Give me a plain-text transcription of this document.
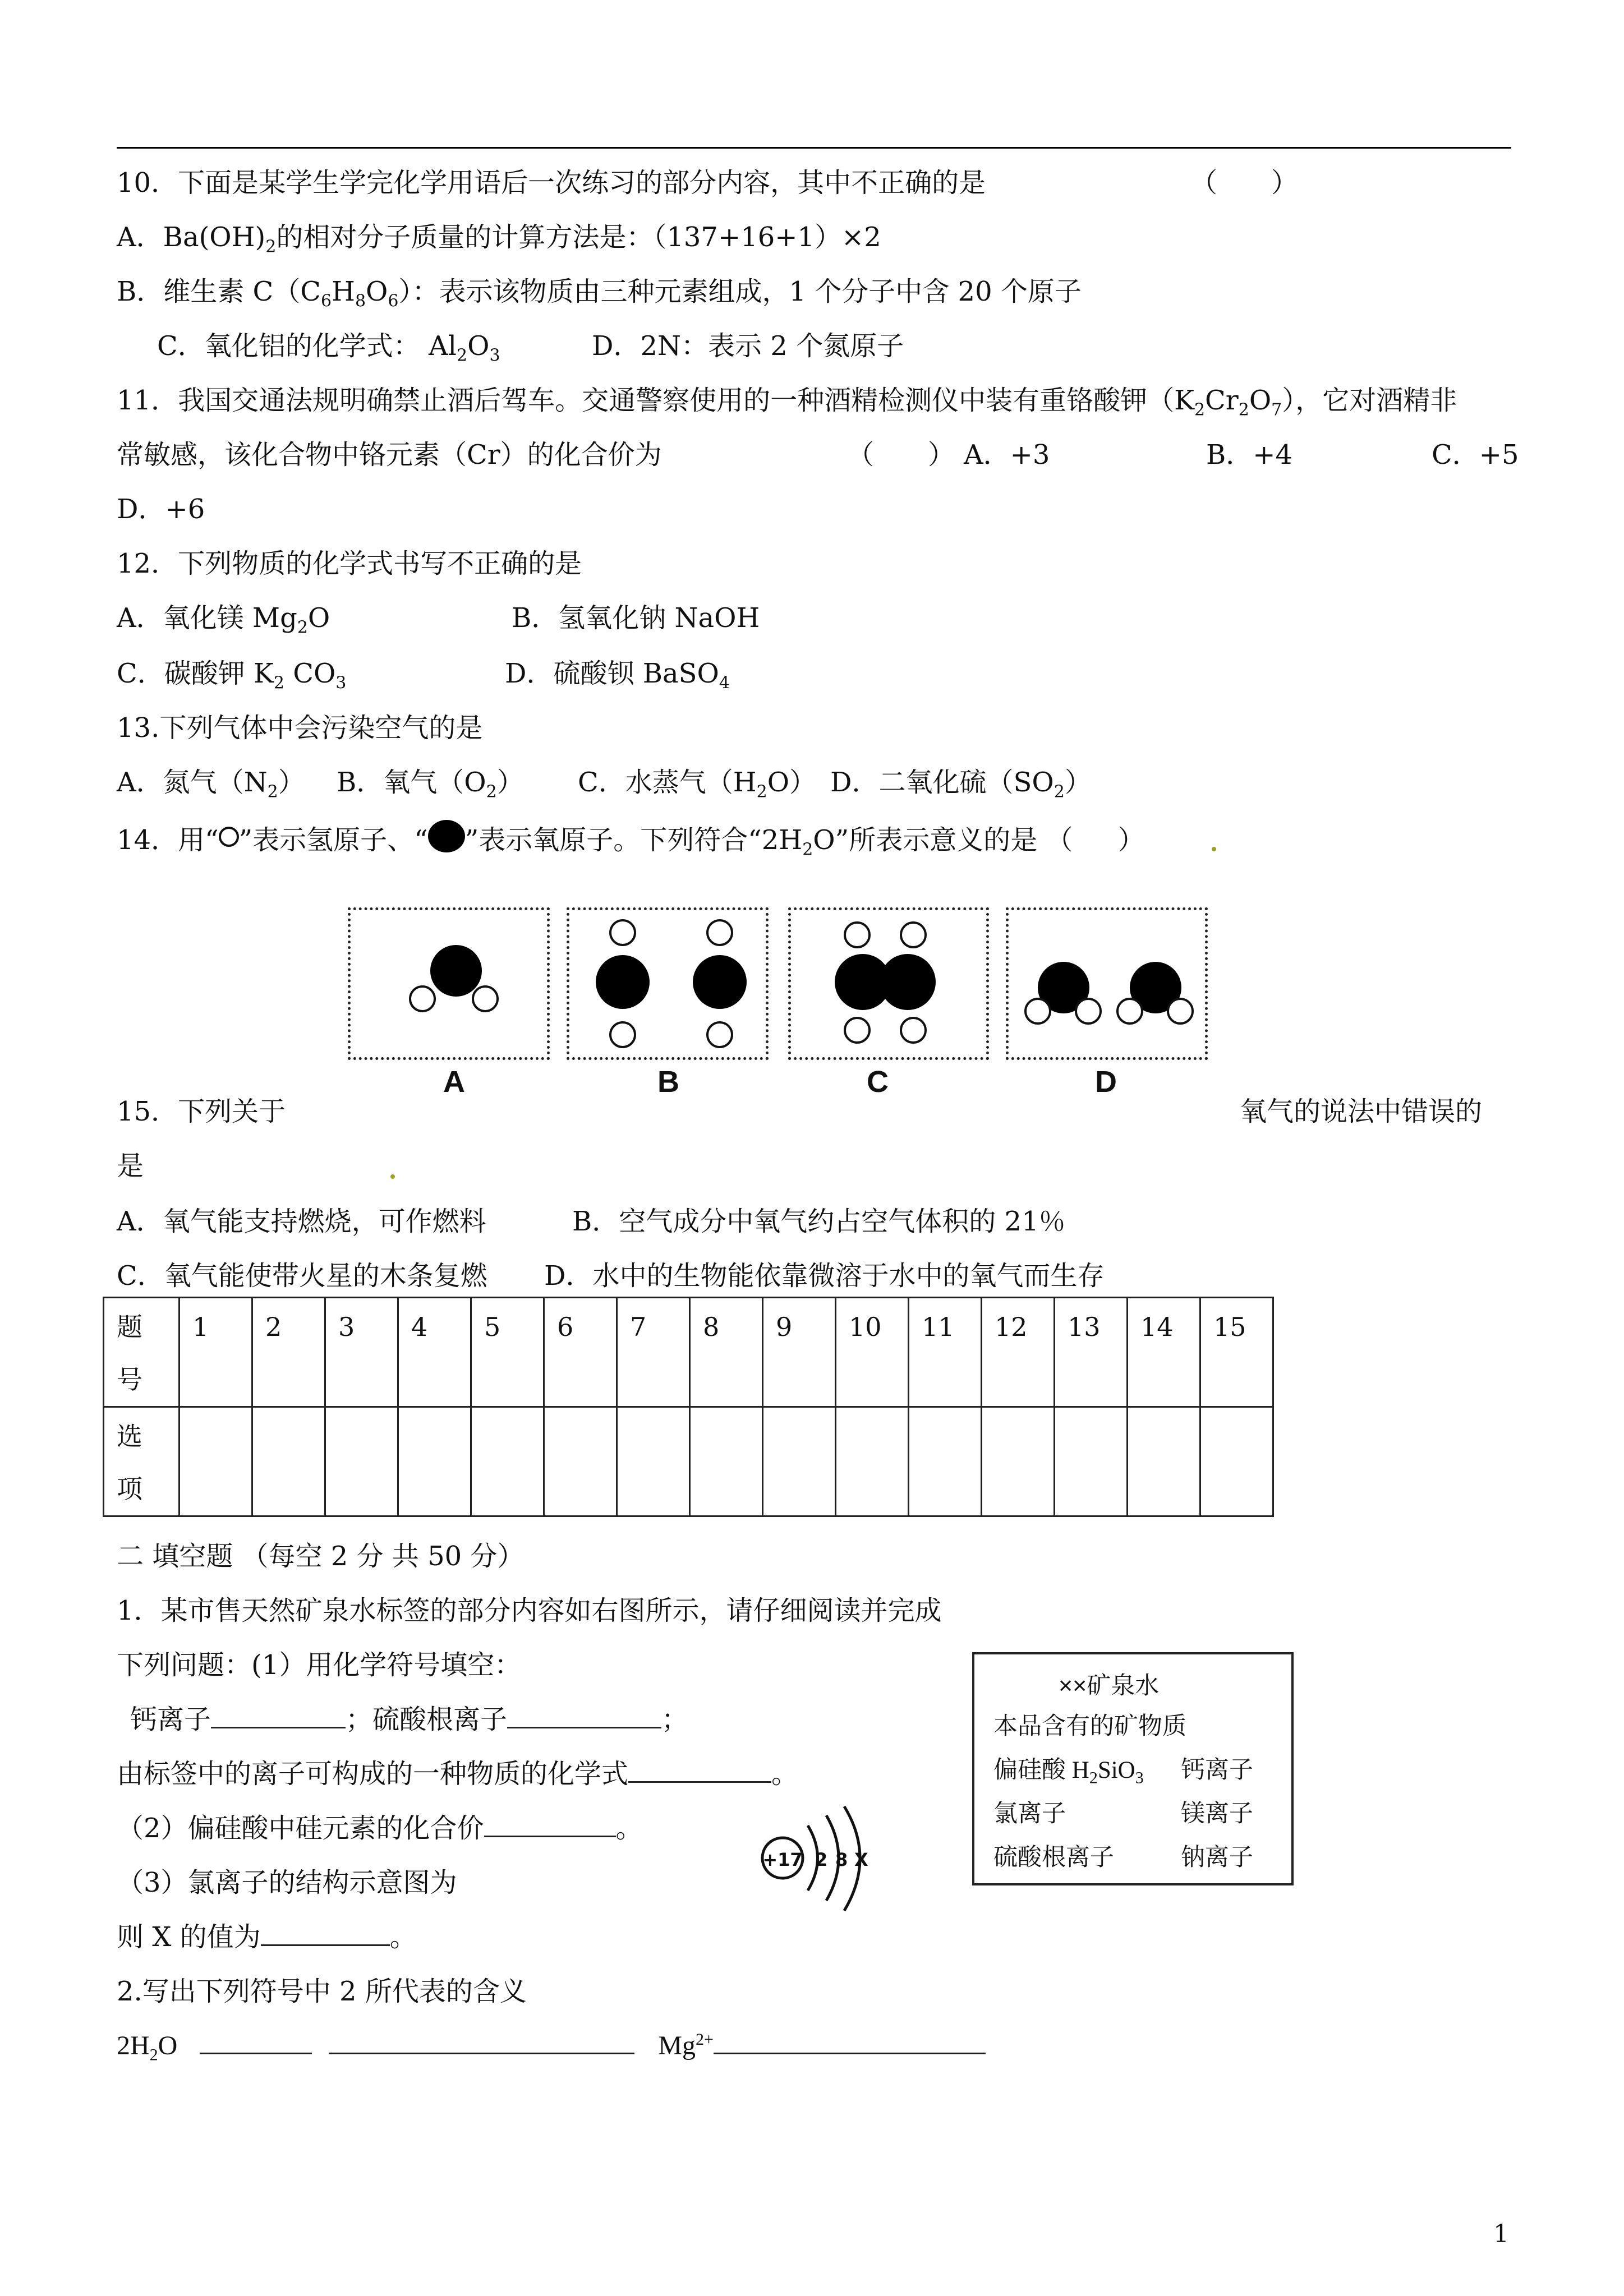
10．下面是某学生学完化学用语后一次练习的部分内容，其中不正确的是	（　　）
A．$Ba(OH)_2$的相对分子质量的计算方法是：（137+16+1）×2
B．维生素 $C(C_6H_8O_6)$：表示该物质由三种元素组成，1 个分子中含 20 个原子
C．氧化铝的化学式： $Al_2O_3$	D．2N：表示 2 个氮原子
11．我国交通法规明确禁止酒后驾车。交通警察使用的一种酒精检测仪中装有重铬酸钾$(K_2Cr_2O_7)$，它对酒精非
常敏感，该化合物中铬元素（Cr）的化合价为	（　　） A．+3	B．+4	C．+5
D．+6
12．下列物质的化学式书写不正确的是
A．氧化镁 $Mg_2O$	B．氢氧化钠 NaOH
C．碳酸钾 $K_2$ $CO_3$	D．硫酸钡 BaSO$_4$
13.下列气体中会污染空气的是
A．氮气$(N_2)$ B．氧气$(O_2)$ C．水蒸气$(H_2O)$ D．二氧化硫$(SO_2)$
14．用“ ”表示氢原子、“ ”表示氧原子。下列符合“$2H_2O$”所表示意义的是 （ ）
A	B	C	D
15．下列关于	氧气的说法中错误的
是
A．氧气能支持燃烧，可作燃料	B．空气成分中氧气约占空气体积的 21％
C．氧气能使带火星的木条复燃 D．水中的生物能依靠微溶于水中的氧气而生存
题
号	1	2	3	4	5	6	7	8	9	10	11	12	13	14	15
选
项															
二 填空题 （每空 2 分 共 50 分）
1．某市售天然矿泉水标签的部分内容如右图所示，请仔细阅读并完成
下列问题：(1）用化学符号填空：
钙离子	；硫酸根离子	；
由标签中的离子可构成的一种物质的化学式	。
（2）偏硅酸中硅元素的化合价	。
（3）氯离子的结构示意图为
则 X 的值为	。
+17 2 8 X
2.写出下列符号中 2 所代表的含义
$2H_2O$	$Mg^{2+}$
××矿泉水
本品含有的矿物质
偏硅酸 $H_2SiO_3$ 钙离子
氯离子	镁离子
硫酸根离子	钠离子
1
